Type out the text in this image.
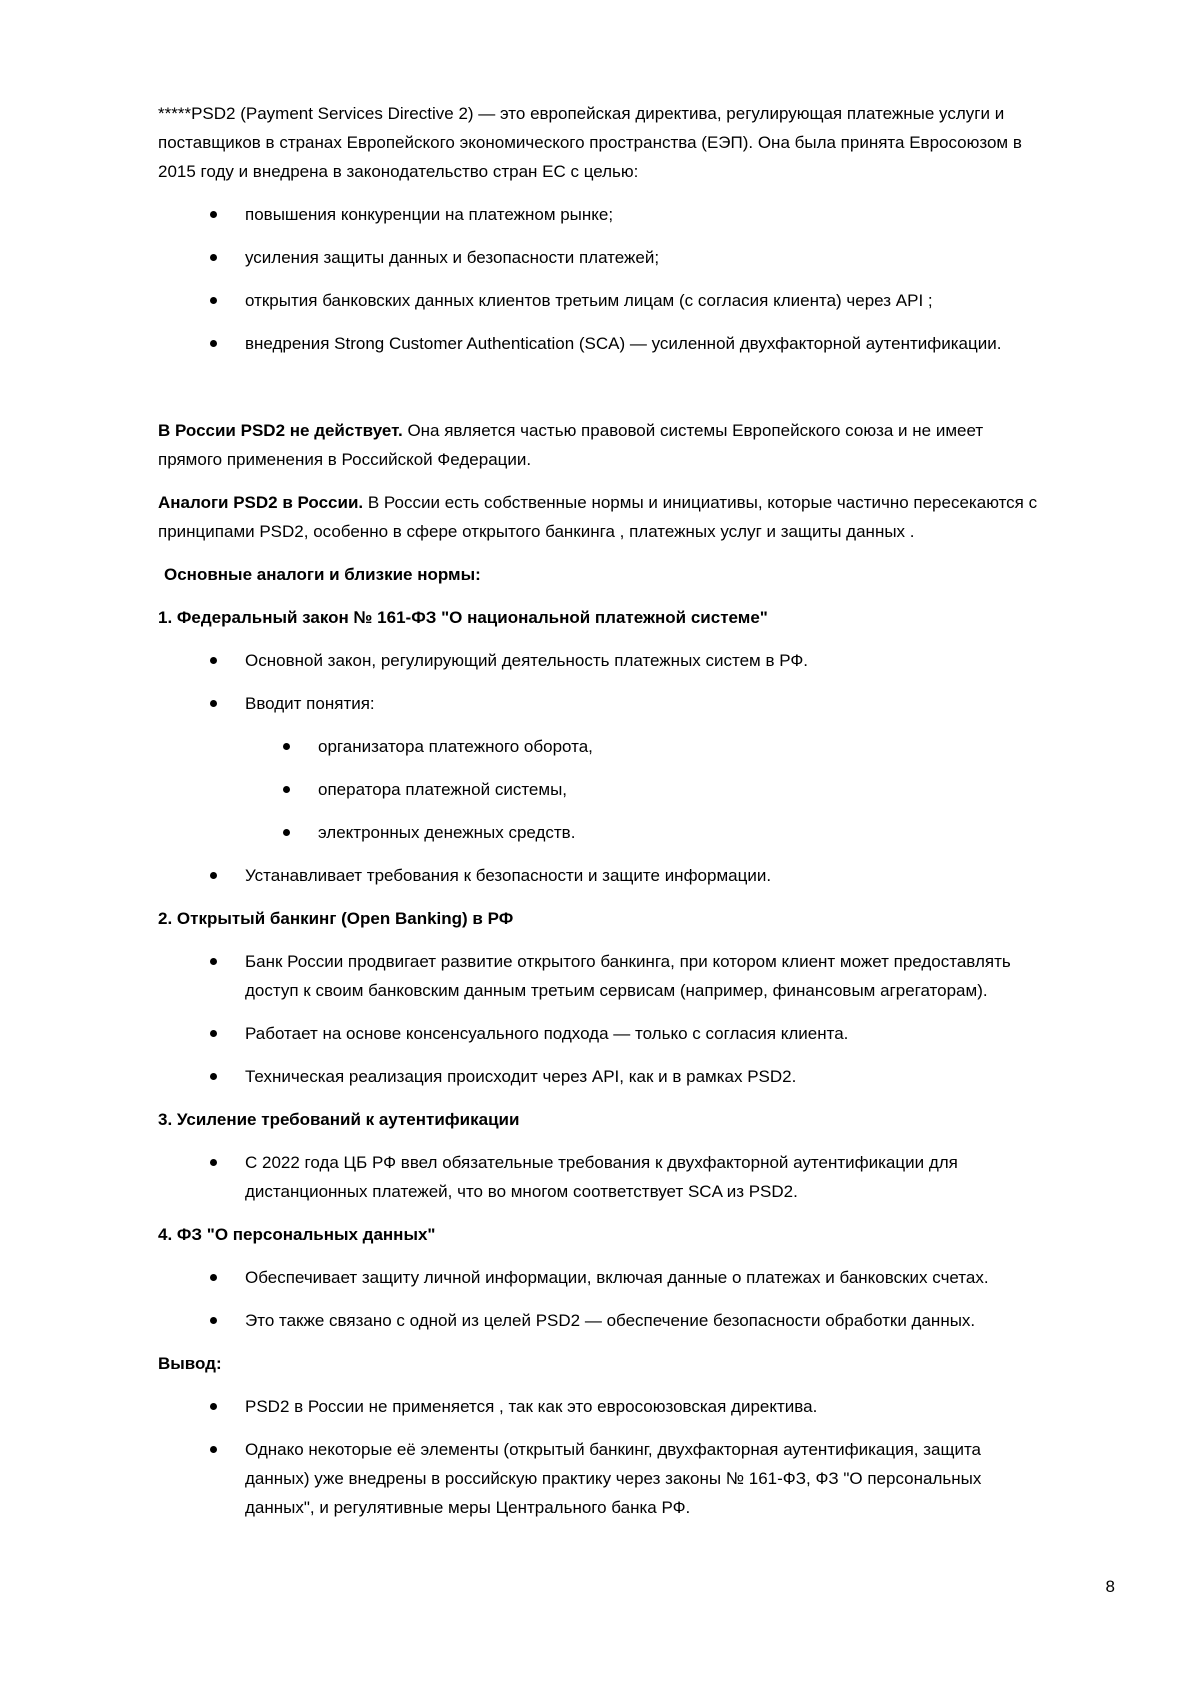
*****PSD2 (Payment Services Directive 2) — это европейская директива, регулирующая платежные услуги и поставщиков в странах Европейского экономического пространства (ЕЭП). Она была принята Евросоюзом в 2015 году и внедрена в законодательство стран ЕС с целью:
повышения конкуренции на платежном рынке;
усиления защиты данных и безопасности платежей;
открытия банковских данных клиентов третьим лицам (с согласия клиента) через API ;
внедрения Strong Customer Authentication (SCA) — усиленной двухфакторной аутентификации.
В России PSD2 не действует. Она является частью правовой системы Европейского союза и не имеет прямого применения в Российской Федерации.
Аналоги PSD2 в России. В России есть собственные нормы и инициативы, которые частично пересекаются с принципами PSD2, особенно в сфере открытого банкинга , платежных услуг и защиты данных .
Основные аналоги и близкие нормы:
1. Федеральный закон № 161-ФЗ "О национальной платежной системе"
Основной закон, регулирующий деятельность платежных систем в РФ.
Вводит понятия:
организатора платежного оборота,
оператора платежной системы,
электронных денежных средств.
Устанавливает требования к безопасности и защите информации.
2. Открытый банкинг (Open Banking) в РФ
Банк России продвигает развитие открытого банкинга, при котором клиент может предоставлять доступ к своим банковским данным третьим сервисам (например, финансовым агрегаторам).
Работает на основе консенсуального подхода — только с согласия клиента.
Техническая реализация происходит через API, как и в рамках PSD2.
3. Усиление требований к аутентификации
С 2022 года ЦБ РФ ввел обязательные требования к двухфакторной аутентификации для дистанционных платежей, что во многом соответствует SCA из PSD2.
4. ФЗ "О персональных данных"
Обеспечивает защиту личной информации, включая данные о платежах и банковских счетах.
Это также связано с одной из целей PSD2 — обеспечение безопасности обработки данных.
Вывод:
PSD2 в России не применяется , так как это евросоюзовская директива.
Однако некоторые её элементы (открытый банкинг, двухфакторная аутентификация, защита данных) уже внедрены в российскую практику через законы № 161-ФЗ, ФЗ "О персональных данных", и регулятивные меры Центрального банка РФ.
8
